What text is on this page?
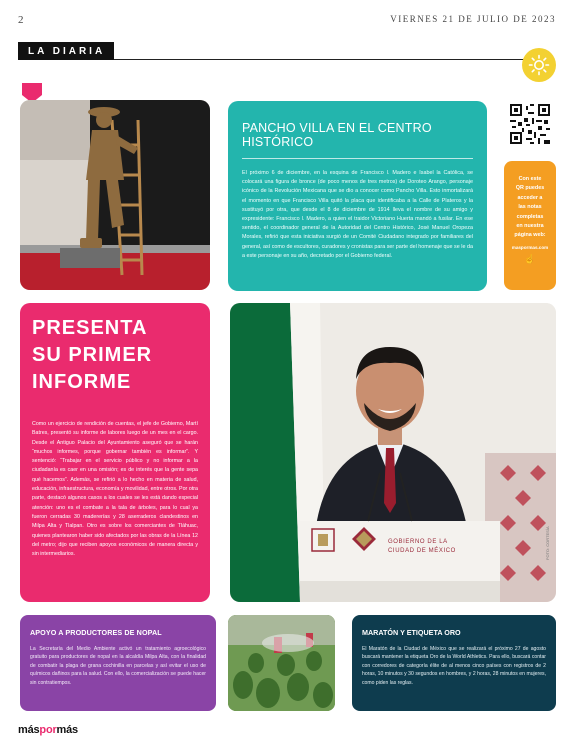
2	VIERNES 21 DE JULIO DE 2023
LA DIARIA
PANCHO VILLA EN EL CENTRO HISTÓRICO
El próximo 6 de diciembre, en la esquina de Francisco I. Madero e Isabel la Católica, se colocará una figura de bronce (de poco menos de tres metros) de Doroteo Arango, personaje icónico de la Revolución Mexicana que se dio a conocer como Pancho Villa. Esto inmortalizará el momento en que Francisco Villa quitó la placa que identificaba a la Calle de Plateros y la sustituyó por otra, que desde el 8 de diciembre de 1914 lleva el nombre de su amigo y expresidente: Francisco I. Madero, a quien el traidor Victoriano Huerta mandó a fusilar. En ese sentido, el coordinador general de la Autoridad del Centro Histórico, José Manuel Oropeza Morales, refirió que esta iniciativa surgió de un Comité Ciudadano integrado por familiares del general, así como de escultores, curadores y cronistas para ser parte del homenaje que se le da a este personaje en su año, decretado por el Gobierno federal.
Con este
QR puedes
acceder a
las notas
completas
en nuestra
página web:
maspormas.com
☝
PRESENTA
SU PRIMER
INFORME
Como un ejercicio de rendición de cuentas, el jefe de Gobierno, Martí Batres, presentó su informe de labores luego de un mes en el cargo. Desde el Antiguo Palacio del Ayuntamiento aseguró que se harán “muchos informes, porque gobernar también es informar”. Y sentenció: “Trabajar en el servicio público y no informar a la ciudadanía es caer en una omisión; es de interés que la gente sepa qué hacemos”. Además, se refirió a lo hecho en materia de salud, educación, infraestructura, economía y movilidad, entre otros. Por otra parte, destacó algunos casos a los cuales se les está dando especial atención: uno es el combate a la tala de árboles, para lo cual ya fueron cerradas 30 madererías y 28 aserraderos clandestinos en Milpa Alta y Tlalpan. Otro es sobre los comerciantes de Tláhuac, quienes plantearon haber sido afectados por las obras de la Línea 12 del metro; dijo que reciben apoyos económicos de manera directa y sin intermediarios.
GOBIERNO DE LA
CIUDAD DE MÉXICO	FOTO: CORTESÍA
APOYO A PRODUCTORES DE NOPAL
La Secretaría del Medio Ambiente activó un tratamiento agroecológico gratuito para productores de nopal en la alcaldía Milpa Alta, con la finalidad de combatir la plaga de grana cochinilla en parcelas y así evitar el uso de químicos dañinos para la salud. Con ello, la comercialización se puede hacer sin contratiempos.
MARATÓN Y ETIQUETA ORO
El Maratón de la Ciudad de México que se realizará el próximo 27 de agosto buscará mantener la etiqueta Oro de la World Athletics. Para ello, buscará contar con corredores de categoría élite de al menos cinco países con registros de 2 horas, 10 minutos y 30 segundos en hombres, y 2 horas, 28 minutos en mujeres, como piden las reglas.
máspormás
